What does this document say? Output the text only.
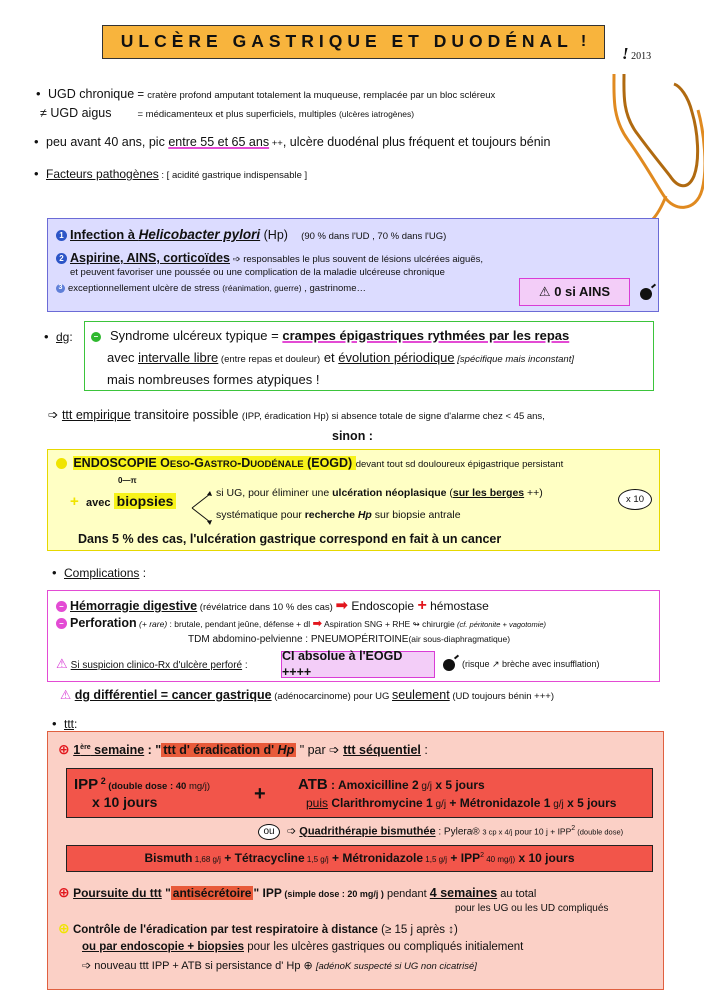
ULCÈRE GASTRIQUE ET DUODÉNAL !
! 2013
• UGD chronique = cratère profond amputant totalement la muqueuse, remplacée par un bloc scléreux
≠ UGD aigus	= médicamenteux et plus superficiels, multiples (ulcères iatrogènes)
• peu avant 40 ans, pic entre 55 et 65 ans ++, ulcère duodénal plus fréquent et toujours bénin
• Facteurs pathogènes : [ acidité gastrique indispensable ]
1 Infection à Helicobacter pylori (Hp) (90 % dans l'UD , 70 % dans l'UG)
2 Aspirine, AINS, corticoïdes ➩ responsables le plus souvent de lésions ulcérées aiguës,
et peuvent favoriser une poussée ou une complication de la maladie ulcéreuse chronique
3 exceptionnellement ulcère de stress (réanimation, guerre) , gastrinome…	⚠ 0 si AINS
• dg:	– Syndrome ulcéreux typique = crampes épigastriques rythmées par les repas
avec intervalle libre (entre repas et douleur) et évolution périodique [spécifique mais inconstant]
mais nombreuses formes atypiques !
➩ ttt empirique transitoire possible (IPP, éradication Hp) si absence totale de signe d'alarme chez < 45 ans,
sinon :
• ENDOSCOPIE OESO-GASTRO-DUODÉNALE (EOGD) devant tout sd douloureux épigastrique persistant
0—π
+ avec biopsies	si UG, pour éliminer une ulcération néoplasique (sur les berges ++)
x 10
systématique pour recherche Hp sur biopsie antrale
Dans 5 % des cas, l'ulcération gastrique correspond en fait à un cancer
• Complications :
– Hémorragie digestive (révélatrice dans 10 % des cas) ➡ Endoscopie + hémostase
– Perforation (+ rare) : brutale, pendant jeûne, défense + dl ➡ Aspiration SNG + RHE ↬ chirurgie (cf. péritonite + vagotomie)
TDM abdomino-pelvienne : PNEUMOPÉRITOINE(air sous-diaphragmatique)
⚠ Si suspicion clinico-Rx d'ulcère perforé :
CI absolue à l'EOGD ++++
(risque ↗ brèche avec insufflation)
⚠ dg différentiel = cancer gastrique (adénocarcinome) pour UG seulement (UD toujours bénin +++)
• ttt:
⊕ 1ère semaine : " ttt d' éradication d' Hp " par ➩ ttt séquentiel :
IPP $^2$ (double dose : 40 mg/j)
x 10 jours	+ ATB : Amoxicilline 2 g/j x 5 jours
puis Clarithromycine 1 g/j + Métronidazole 1 g/j x 5 jours
ou	➩ Quadrithérapie bismuthée : Pylera® 3 cp x 4/j pour 10 $j + IPP^2$ (double dose)
Bismuth 1,68 g/j + Tétracycline 1,5 g/j + Métronidazole 1,5 $g/j + IPP^2$ 40 mg/j) x 10 jours
⊕ Poursuite du ttt " antisécrétoire " IPP (simple dose : 20 mg/j ) pendant 4 semaines au total
pour les UG ou les UD compliqués
⊕ Contrôle de l'éradication par test respiratoire à distance (≥ 15 j après ↕)
ou par endoscopie + biopsies pour les ulcères gastriques ou compliqués initialement
➩ nouveau ttt IPP + ATB si persistance d' Hp ⊕ [adénoK suspecté si UG non cicatrisé]
